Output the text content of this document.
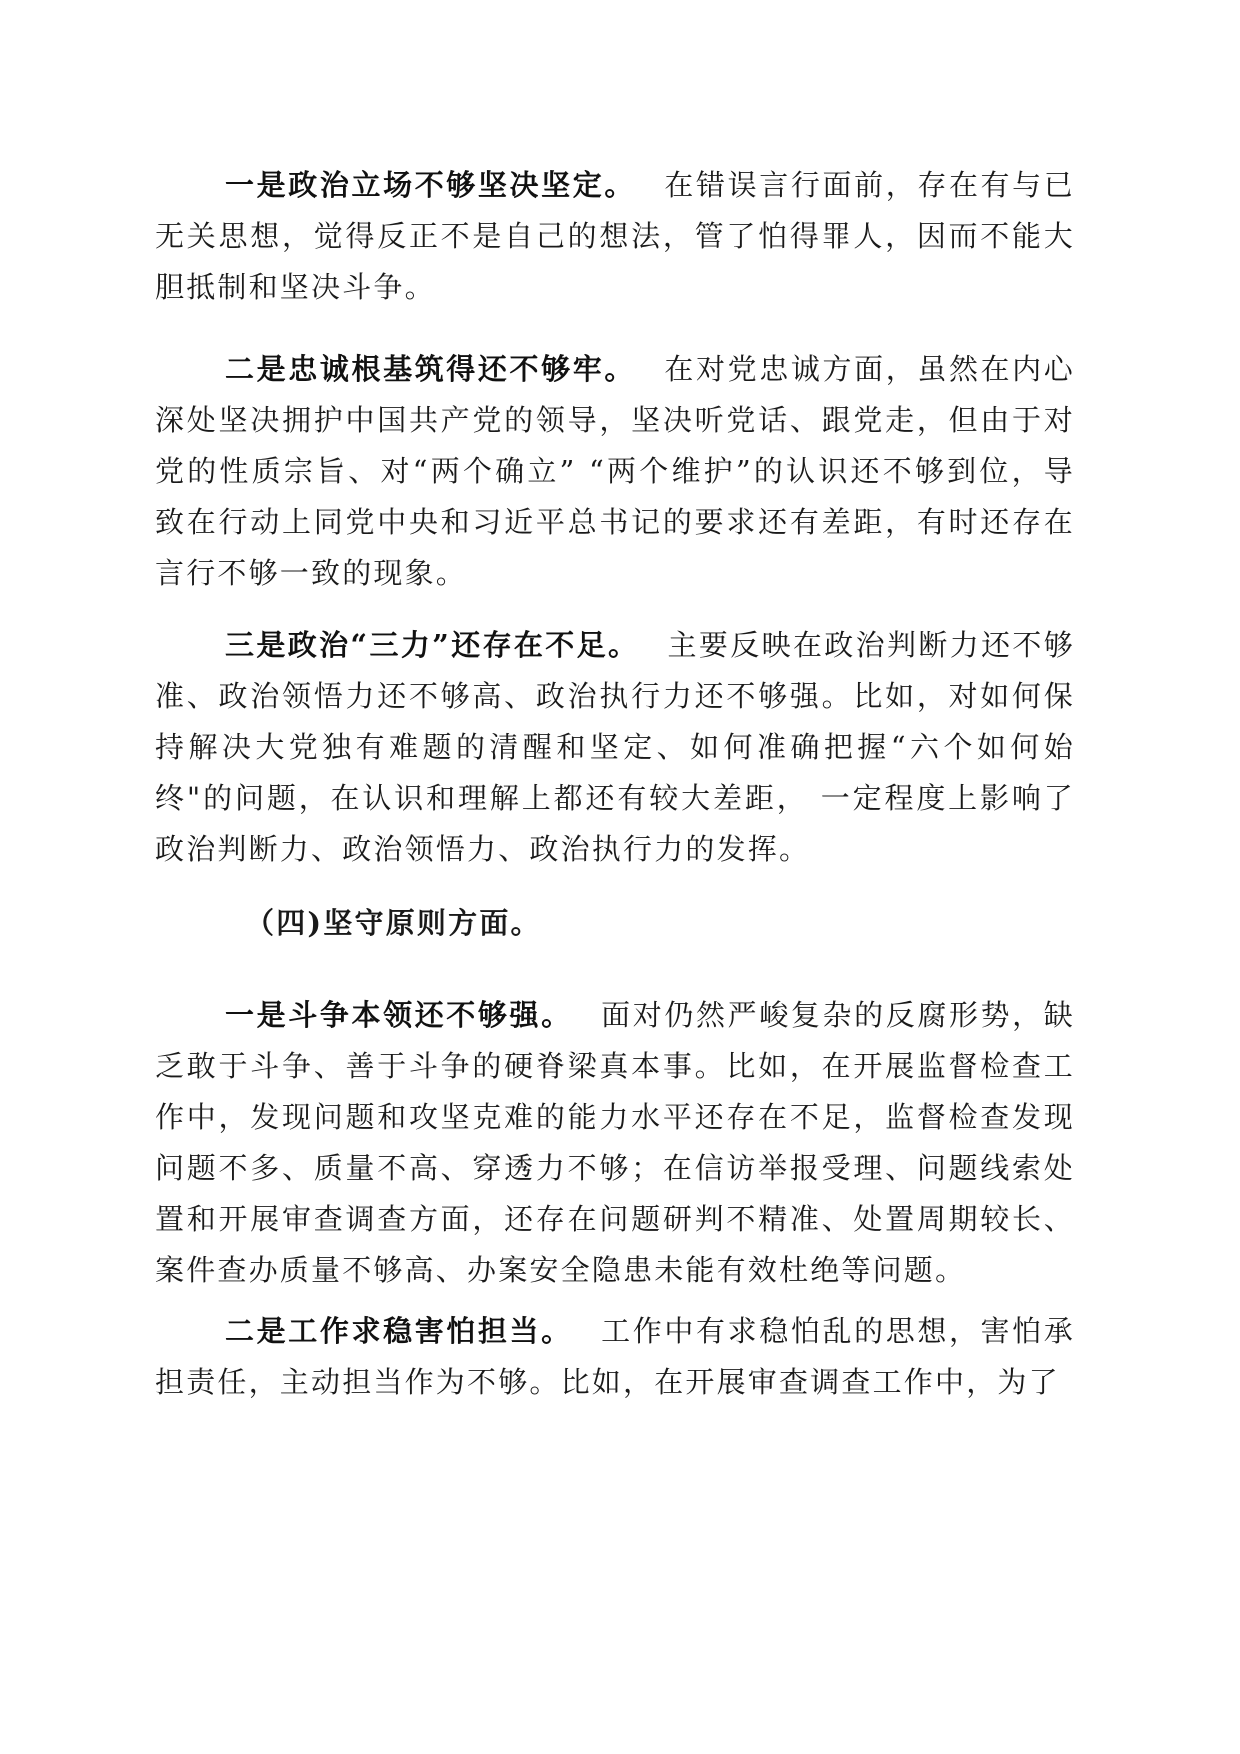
一是政治立场不够坚决坚定。 在错误言行面前，存在有与已无关思想，觉得反正不是自己的想法，管了怕得罪人，因而不能大胆抵制和坚决斗争。

二是忠诚根基筑得还不够牢。 在对党忠诚方面，虽然在内心深处坚决拥护中国共产党的领导，坚决听党话、跟党走，但由于对党的性质宗旨、对“两个确立” “两个维护”的认识还不够到位，导致在行动上同党中央和习近平总书记的要求还有差距，有时还存在言行不够一致的现象。

三是政治“三力”还存在不足。 主要反映在政治判断力还不够准、政治领悟力还不够高、政治执行力还不够强。比如，对如何保持解决大党独有难题的清醒和坚定、如何准确把握“六个如何始终"的问题，在认识和理解上都还有较大差距， 一定程度上影响了政治判断力、政治领悟力、政治执行力的发挥。

（四)坚守原则方面。

一是斗争本领还不够强。 面对仍然严峻复杂的反腐形势，缺乏敢于斗争、善于斗争的硬脊梁真本事。比如，在开展监督检查工作中，发现问题和攻坚克难的能力水平还存在不足，监督检查发现问题不多、质量不高、穿透力不够；在信访举报受理、问题线索处置和开展审查调查方面，还存在问题研判不精准、处置周期较长、案件查办质量不够高、办案安全隐患未能有效杜绝等问题。

二是工作求稳害怕担当。 工作中有求稳怕乱的思想，害怕承担责任，主动担当作为不够。比如，在开展审查调查工作中，为了
